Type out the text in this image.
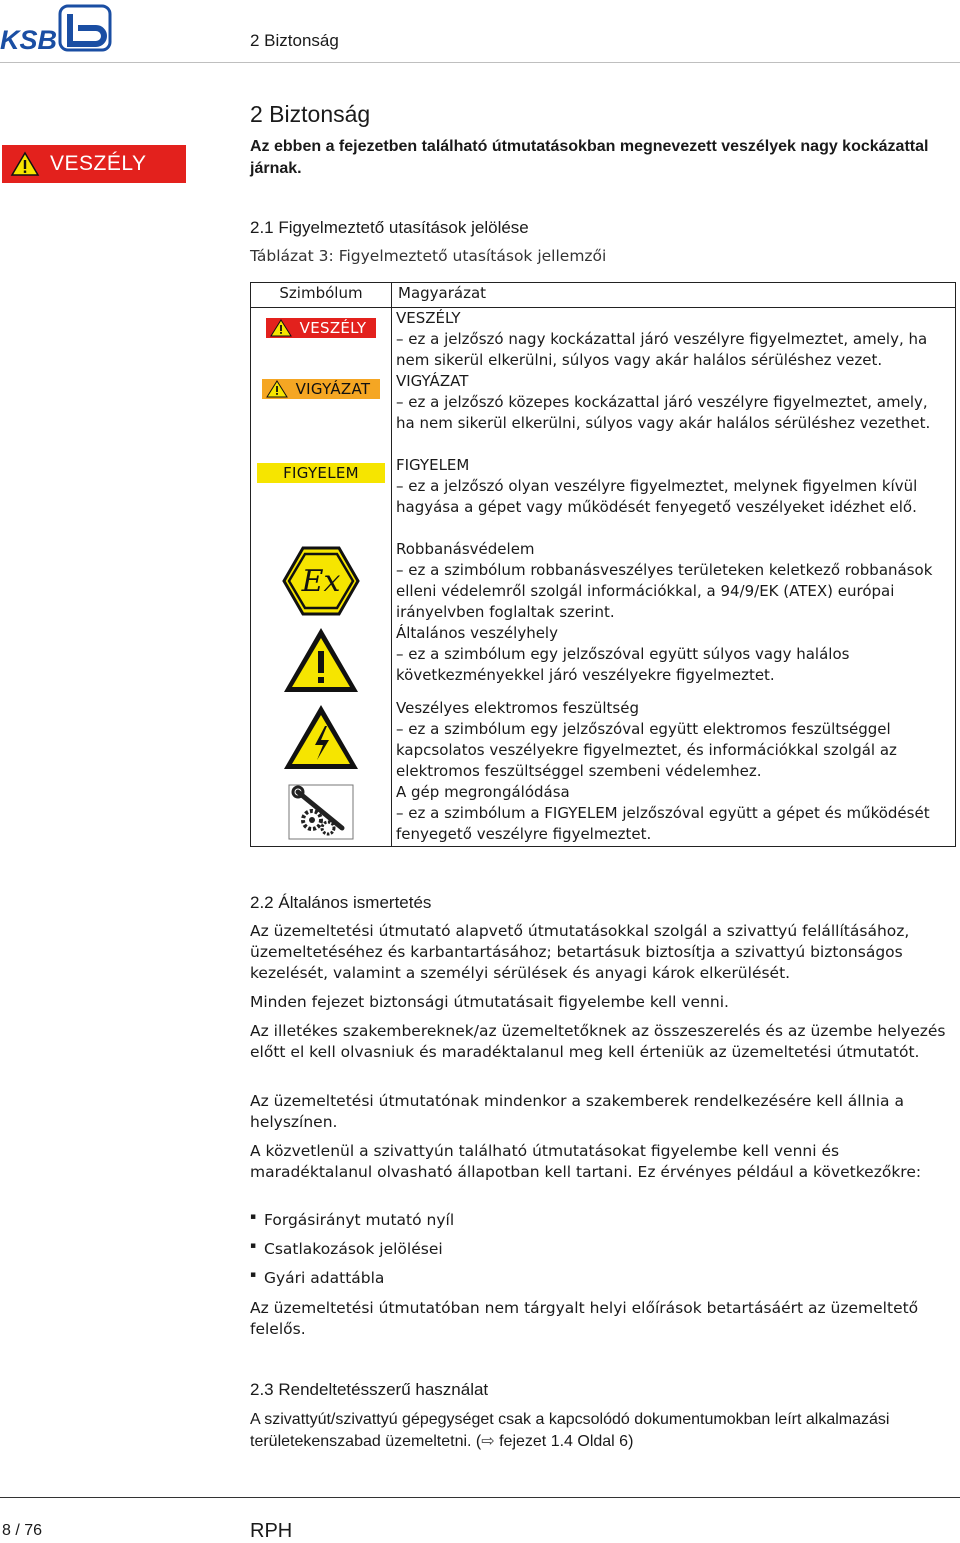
KSB	2 Biztonság
2 Biztonság
VESZÉLY
Az ebben a fejezetben található útmutatásokban megnevezett veszélyek nagy kockázattal járnak.
2.1 Figyelmeztető utasítások jelölése
Táblázat 3: Figyelmeztető utasítások jellemzői
Szimbólum	Magyarázat

VESZÉLY	VESZÉLY
– ez a jelzőszó nagy kockázattal járó veszélyre figyelmeztet, amely, ha nem sikerül elkerülni, súlyos vagy akár halálos sérüléshez vezet.

VIGYÁZAT	VIGYÁZAT
– ez a jelzőszó közepes kockázattal járó veszélyre figyelmeztet, amely, ha nem sikerül elkerülni, súlyos vagy akár halálos sérüléshez vezethet.

FIGYELEM	FIGYELEM
– ez a jelzőszó olyan veszélyre figyelmeztet, melynek figyelmen kívül hagyása a gépet vagy működését fenyegető veszélyeket idézhet elő.

Ex	Robbanásvédelem
– ez a szimbólum robbanásveszélyes területeken keletkező robbanások elleni védelemről szolgál információkkal, a 94/9/EK (ATEX) európai irányelvben foglaltak szerint.

Általános veszélyhely
– ez a szimbólum egy jelzőszóval együtt súlyos vagy halálos következményekkel járó veszélyekre figyelmeztet.

Veszélyes elektromos feszültség
– ez a szimbólum egy jelzőszóval együtt elektromos feszültséggel kapcsolatos veszélyekre figyelmeztet, és információkkal szolgál az elektromos feszültséggel szembeni védelemhez.

A gép megrongálódása
– ez a szimbólum a FIGYELEM jelzőszóval együtt a gépet és működését fenyegető veszélyre figyelmeztet.
2.2 Általános ismertetés
Az üzemeltetési útmutató alapvető útmutatásokkal szolgál a szivattyú felállításához, üzemeltetéséhez és karbantartásához; betartásuk biztosítja a szivattyú biztonságos kezelését, valamint a személyi sérülések és anyagi károk elkerülését.
Minden fejezet biztonsági útmutatásait figyelembe kell venni.
Az illetékes szakembereknek/az üzemeltetőknek az összeszerelés és az üzembe helyezés előtt el kell olvasniuk és maradéktalanul meg kell érteniük az üzemeltetési útmutatót.
Az üzemeltetési útmutatónak mindenkor a szakemberek rendelkezésére kell állnia a helyszínen.
A közvetlenül a szivattyún található útmutatásokat figyelembe kell venni és maradéktalanul olvasható állapotban kell tartani. Ez érvényes például a következőkre:
▪ Forgásirányt mutató nyíl
▪ Csatlakozások jelölései
▪ Gyári adattábla
Az üzemeltetési útmutatóban nem tárgyalt helyi előírások betartásáért az üzemeltető felelős.
2.3 Rendeltetésszerű használat
A szivattyút/szivattyú gépegységet csak a kapcsolódó dokumentumokban leírt alkalmazási területekenszabad üzemeltetni. (⇨ fejezet 1.4 Oldal 6)
8 / 76	RPH
